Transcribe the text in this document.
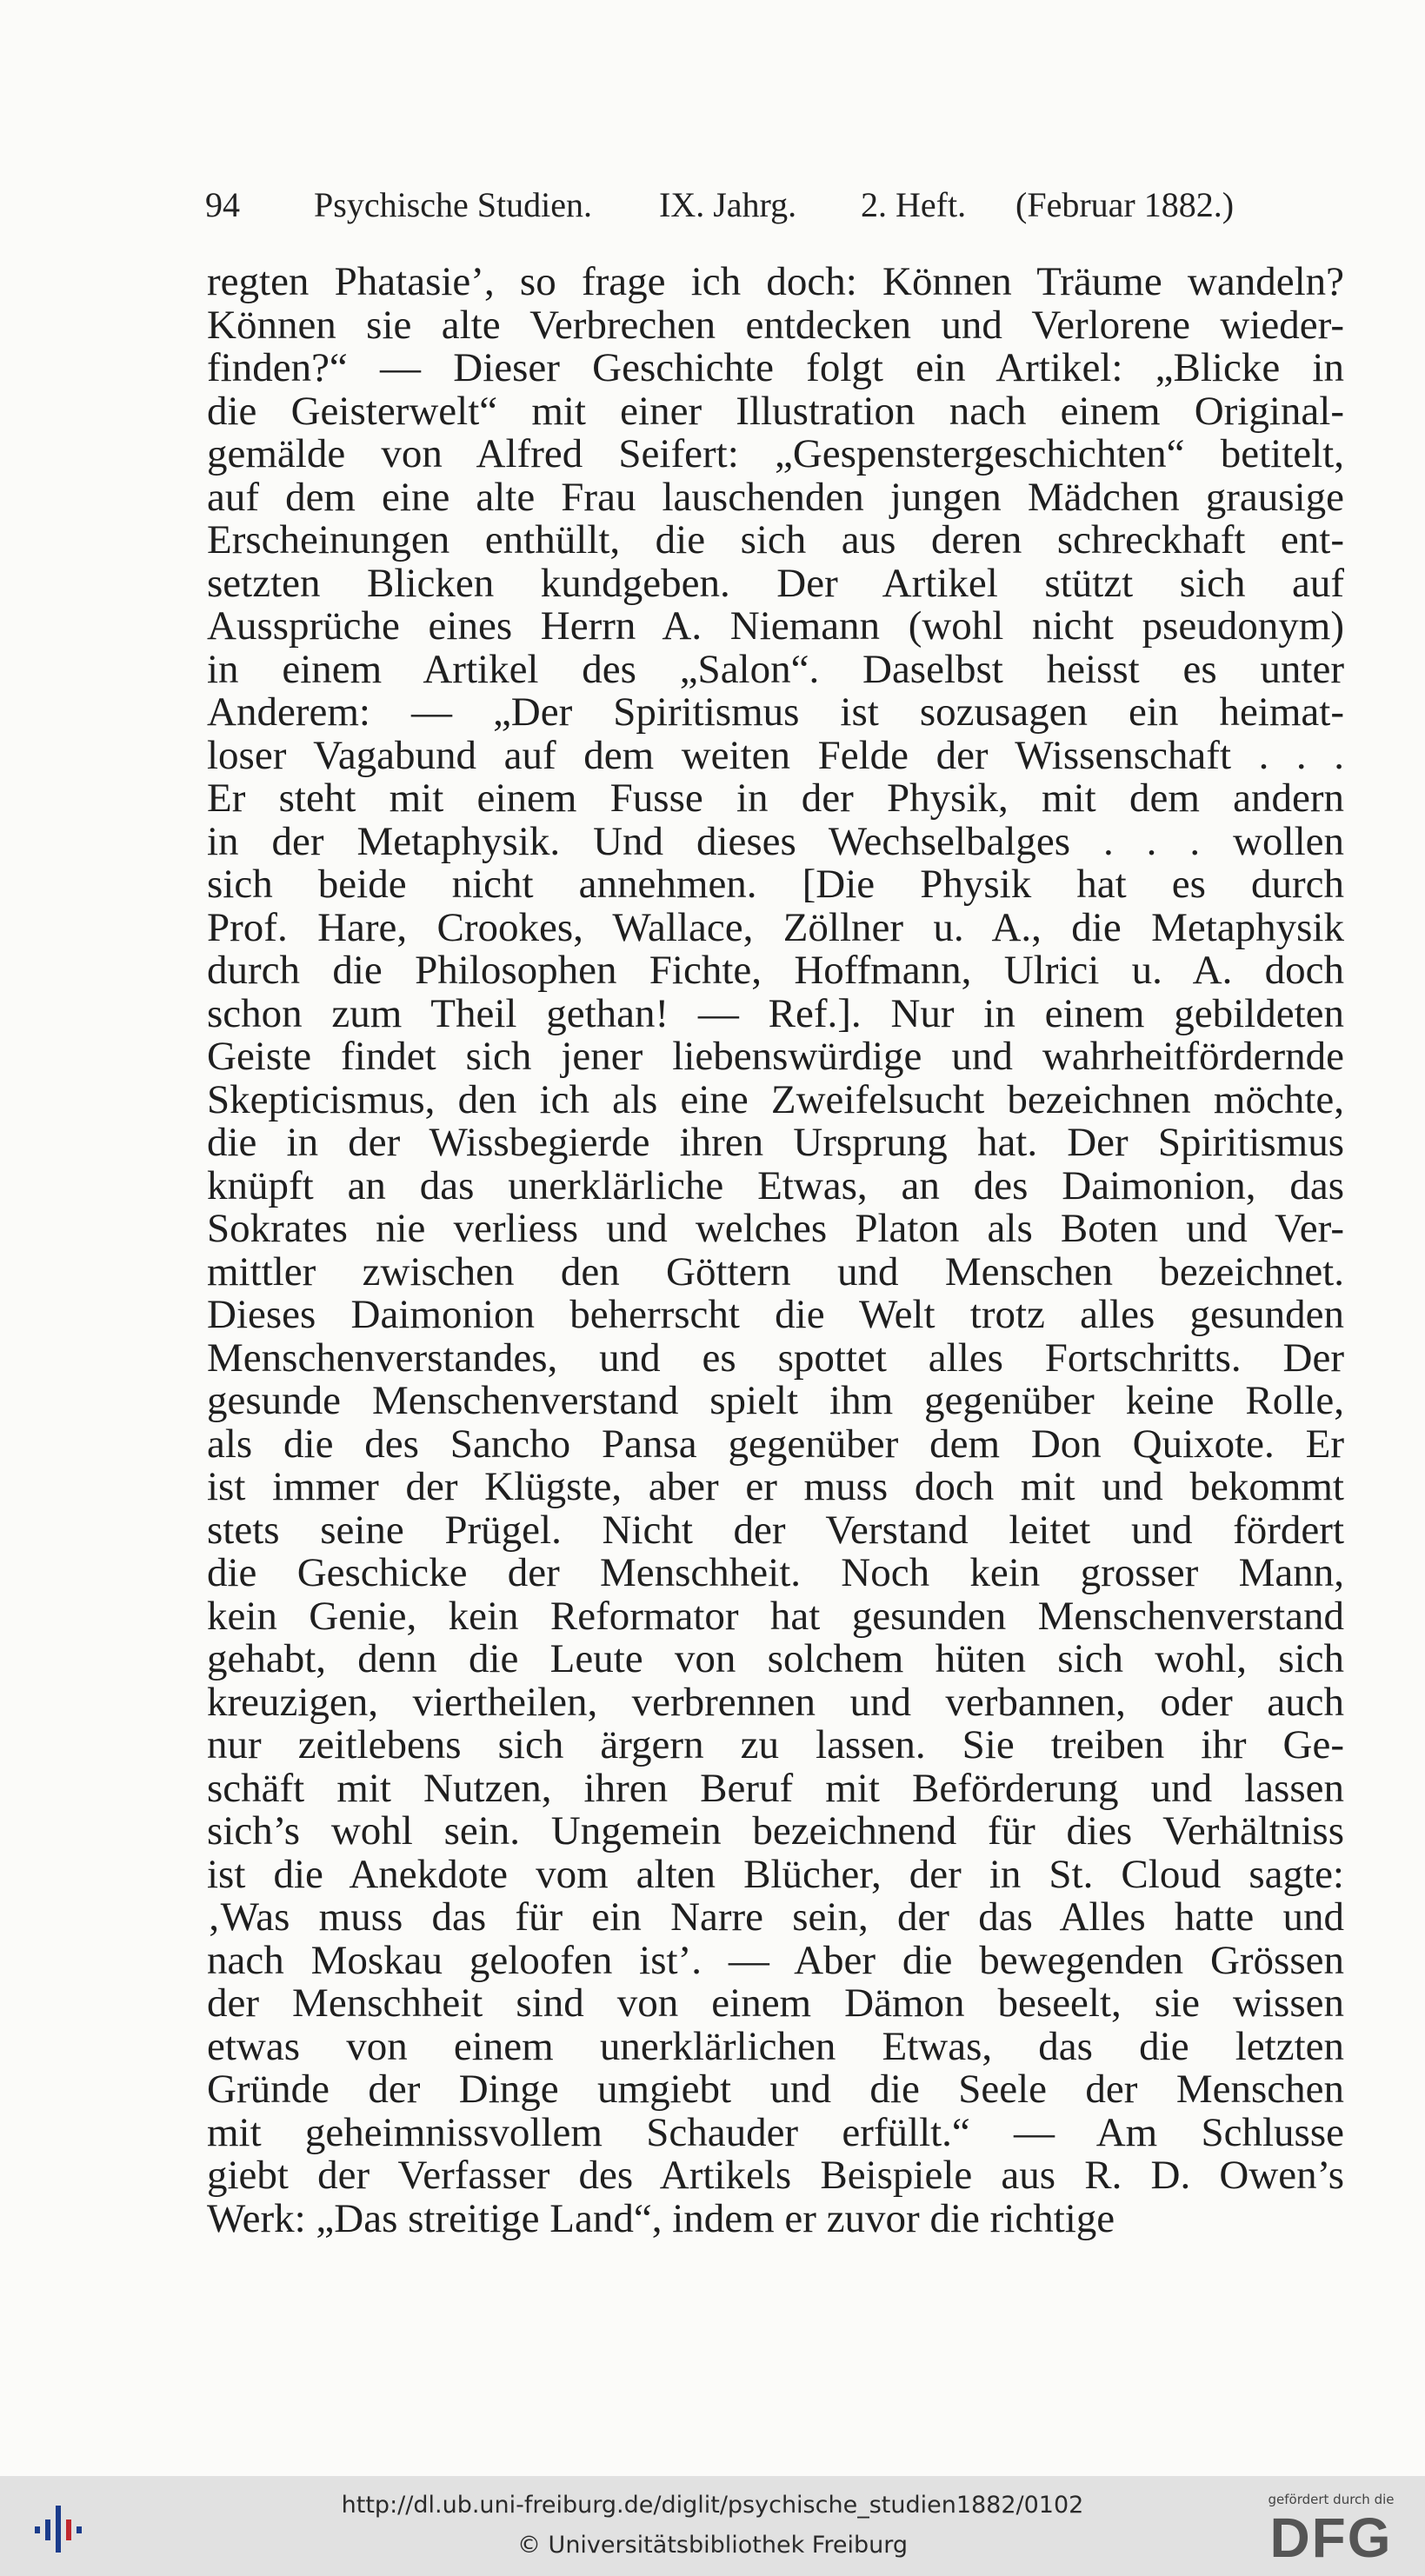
94 Psychische Studien. IX. Jahrg. 2. Heft. (Februar 1882.)
regten Phatasie’, so frage ich doch: Können Träume wandeln?
Können sie alte Verbrechen entdecken und Verlorene wieder-
finden?“ — Dieser Geschichte folgt ein Artikel: „Blicke in
die Geisterwelt“ mit einer Illustration nach einem Original-
gemälde von Alfred Seifert: „Gespenstergeschichten“ betitelt,
auf dem eine alte Frau lauschenden jungen Mädchen grausige
Erscheinungen enthüllt, die sich aus deren schreckhaft ent-
setzten Blicken kundgeben. Der Artikel stützt sich auf
Aussprüche eines Herrn A. Niemann (wohl nicht pseudonym)
in einem Artikel des „Salon“. Daselbst heisst es unter
Anderem: — „Der Spiritismus ist sozusagen ein heimat-
loser Vagabund auf dem weiten Felde der Wissenschaft . . .
Er steht mit einem Fusse in der Physik, mit dem andern
in der Metaphysik. Und dieses Wechselbalges . . . wollen
sich beide nicht annehmen. [Die Physik hat es durch
Prof. Hare, Crookes, Wallace, Zöllner u. A., die Metaphysik
durch die Philosophen Fichte, Hoffmann, Ulrici u. A. doch
schon zum Theil gethan! — Ref.]. Nur in einem gebildeten
Geiste findet sich jener liebenswürdige und wahrheitfördernde
Skepticismus, den ich als eine Zweifelsucht bezeichnen möchte,
die in der Wissbegierde ihren Ursprung hat. Der Spiritismus
knüpft an das unerklärliche Etwas, an des Daimonion, das
Sokrates nie verliess und welches Platon als Boten und Ver-
mittler zwischen den Göttern und Menschen bezeichnet.
Dieses Daimonion beherrscht die Welt trotz alles gesunden
Menschenverstandes, und es spottet alles Fortschritts. Der
gesunde Menschenverstand spielt ihm gegenüber keine Rolle,
als die des Sancho Pansa gegenüber dem Don Quixote. Er
ist immer der Klügste, aber er muss doch mit und bekommt
stets seine Prügel. Nicht der Verstand leitet und fördert
die Geschicke der Menschheit. Noch kein grosser Mann,
kein Genie, kein Reformator hat gesunden Menschenverstand
gehabt, denn die Leute von solchem hüten sich wohl, sich
kreuzigen, viertheilen, verbrennen und verbannen, oder auch
nur zeitlebens sich ärgern zu lassen. Sie treiben ihr Ge-
schäft mit Nutzen, ihren Beruf mit Beförderung und lassen
sich’s wohl sein. Ungemein bezeichnend für dies Verhältniss
ist die Anekdote vom alten Blücher, der in St. Cloud sagte:
‚Was muss das für ein Narre sein, der das Alles hatte und
nach Moskau geloofen ist’. — Aber die bewegenden Grössen
der Menschheit sind von einem Dämon beseelt, sie wissen
etwas von einem unerklärlichen Etwas, das die letzten
Gründe der Dinge umgiebt und die Seele der Menschen
mit geheimnissvollem Schauder erfüllt.“ — Am Schlusse
giebt der Verfasser des Artikels Beispiele aus R. D. Owen’s
Werk: „Das streitige Land“, indem er zuvor die richtige
http://dl.ub.uni-freiburg.de/diglit/psychische_studien1882/0102
© Universitätsbibliothek Freiburg
gefördert durch die
DFG
